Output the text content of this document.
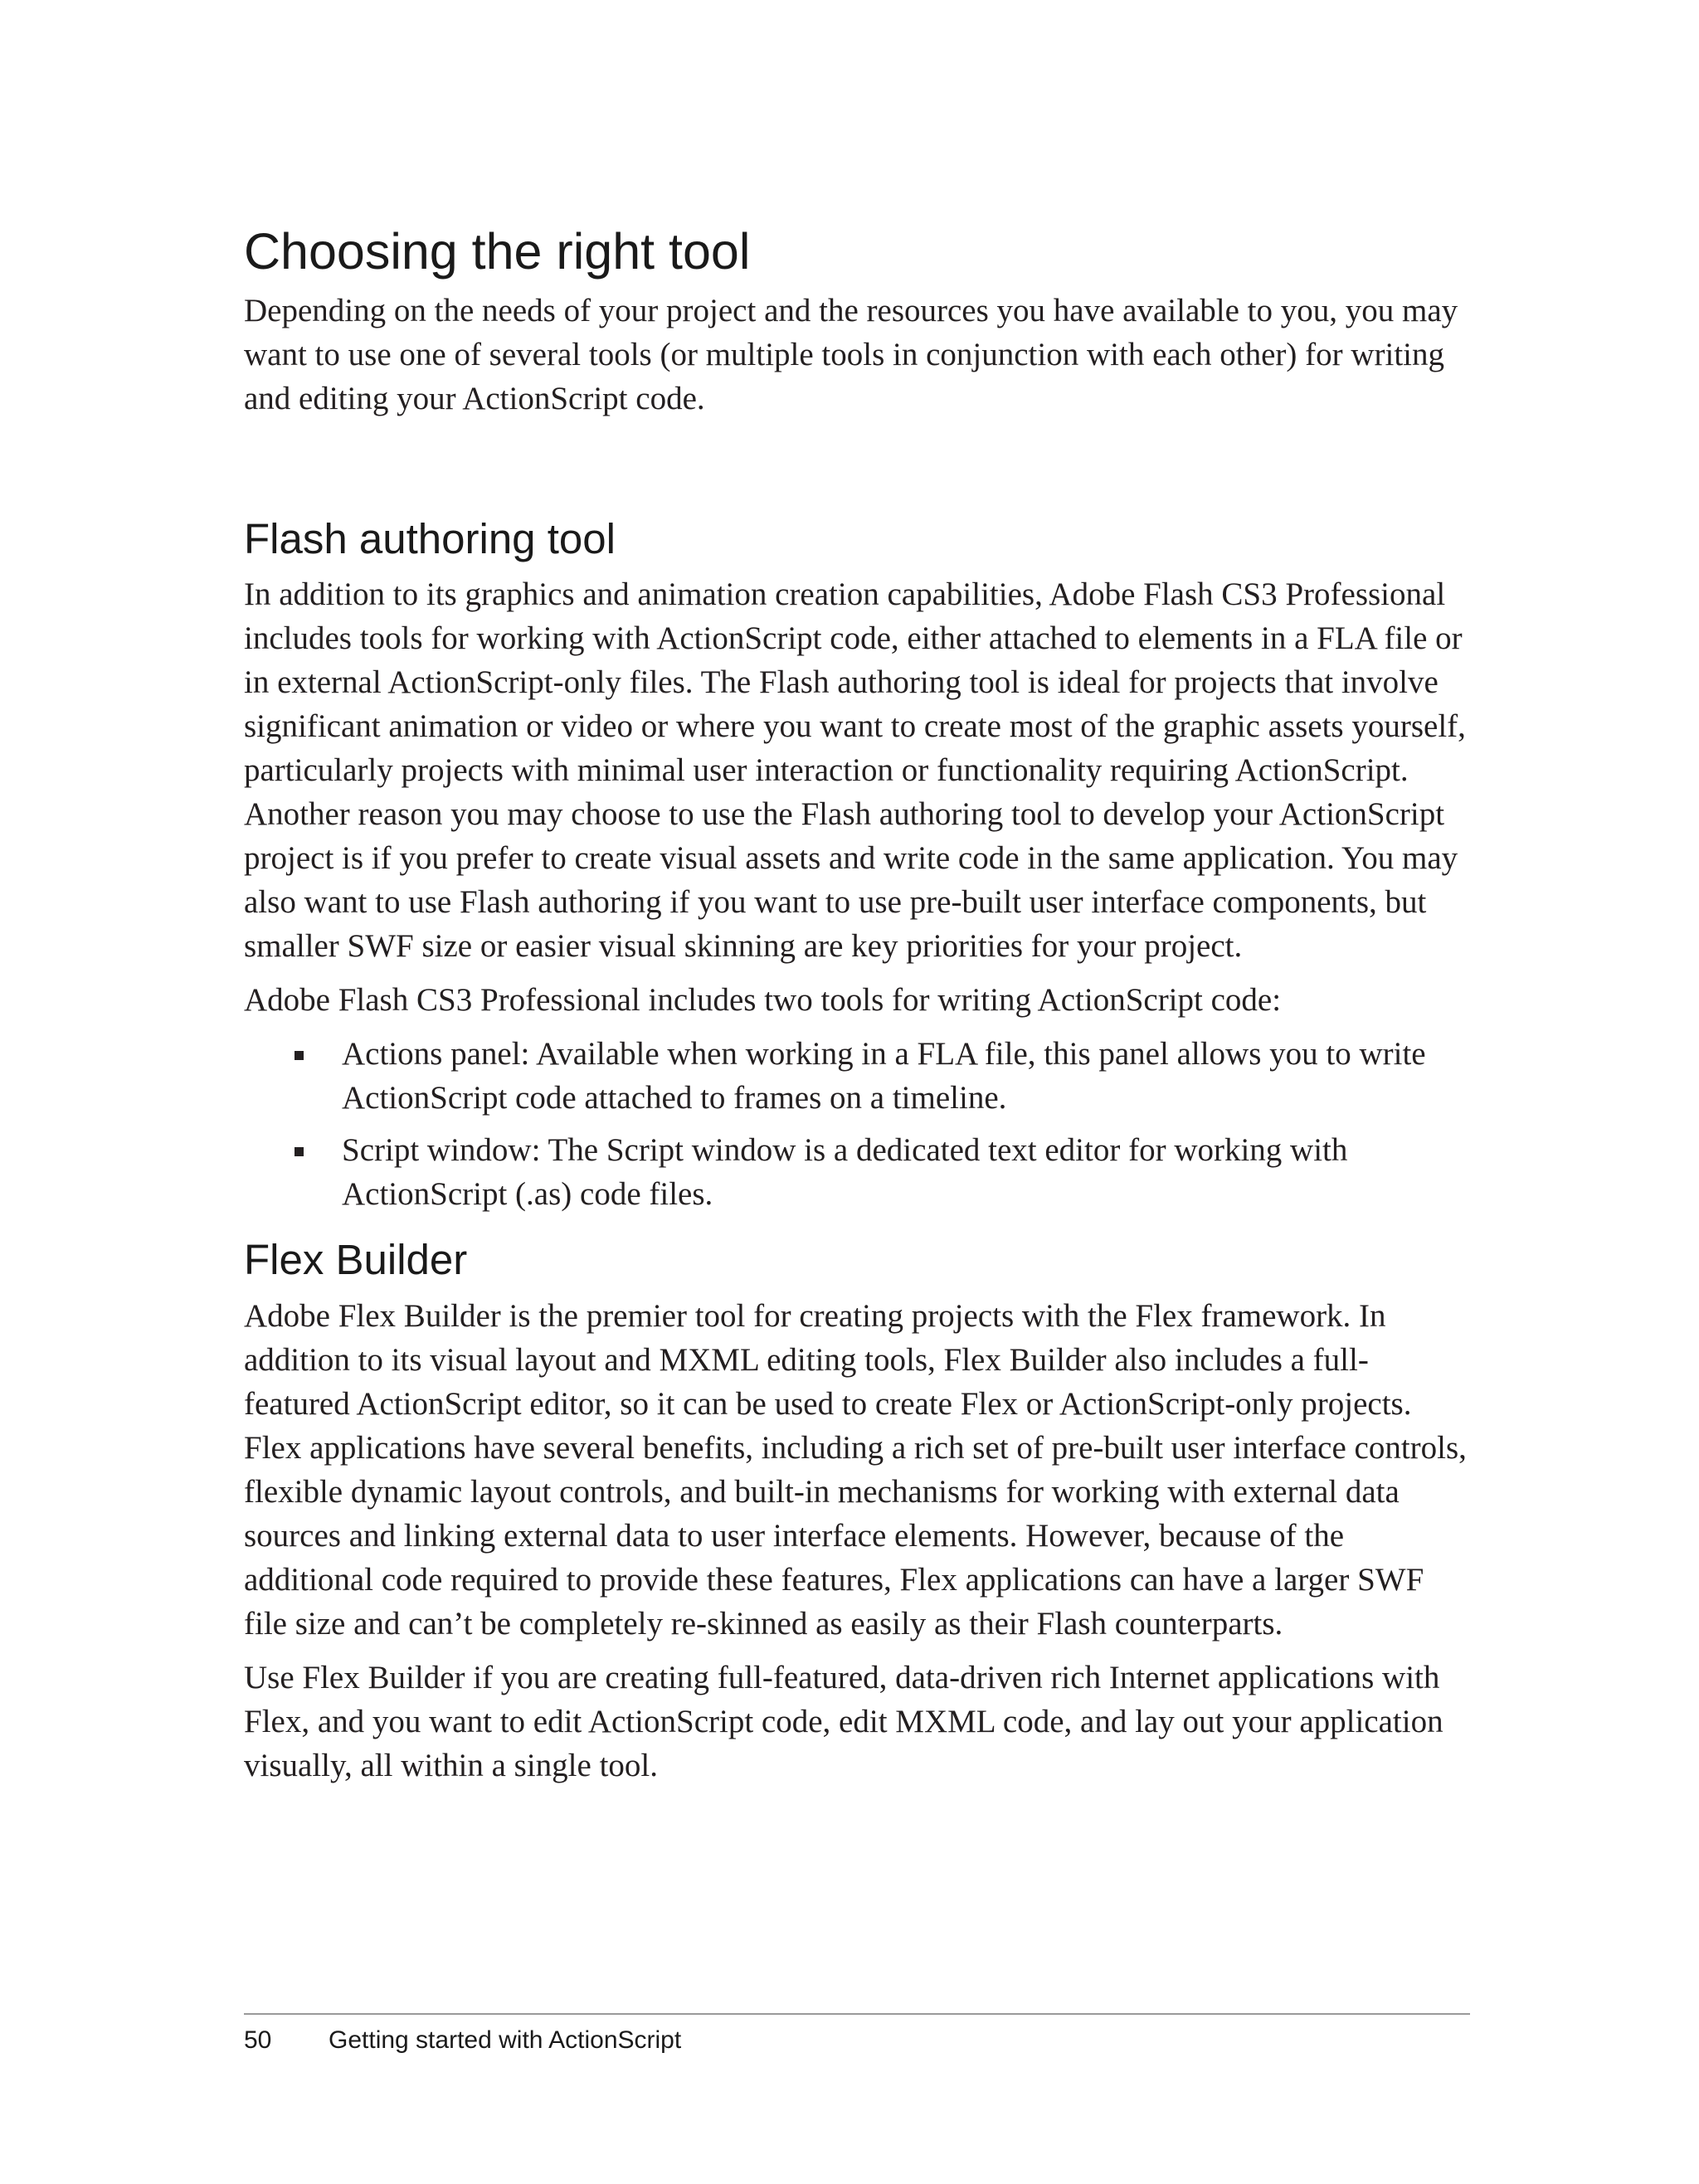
Choosing the right tool

Depending on the needs of your project and the resources you have available to you, you may want to use one of several tools (or multiple tools in conjunction with each other) for writing and editing your ActionScript code.

Flash authoring tool

In addition to its graphics and animation creation capabilities, Adobe Flash CS3 Professional includes tools for working with ActionScript code, either attached to elements in a FLA file or in external ActionScript-only files. The Flash authoring tool is ideal for projects that involve significant animation or video or where you want to create most of the graphic assets yourself, particularly projects with minimal user interaction or functionality requiring ActionScript. Another reason you may choose to use the Flash authoring tool to develop your ActionScript project is if you prefer to create visual assets and write code in the same application. You may also want to use Flash authoring if you want to use pre-built user interface components, but smaller SWF size or easier visual skinning are key priorities for your project.

Adobe Flash CS3 Professional includes two tools for writing ActionScript code:

Actions panel: Available when working in a FLA file, this panel allows you to write ActionScript code attached to frames on a timeline.
Script window: The Script window is a dedicated text editor for working with ActionScript (.as) code files.
Flex Builder

Adobe Flex Builder is the premier tool for creating projects with the Flex framework. In addition to its visual layout and MXML editing tools, Flex Builder also includes a full-featured ActionScript editor, so it can be used to create Flex or ActionScript-only projects. Flex applications have several benefits, including a rich set of pre-built user interface controls, flexible dynamic layout controls, and built-in mechanisms for working with external data sources and linking external data to user interface elements. However, because of the additional code required to provide these features, Flex applications can have a larger SWF file size and can’t be completely re-skinned as easily as their Flash counterparts.

Use Flex Builder if you are creating full-featured, data-driven rich Internet applications with Flex, and you want to edit ActionScript code, edit MXML code, and lay out your application visually, all within a single tool.

50 Getting started with ActionScript
